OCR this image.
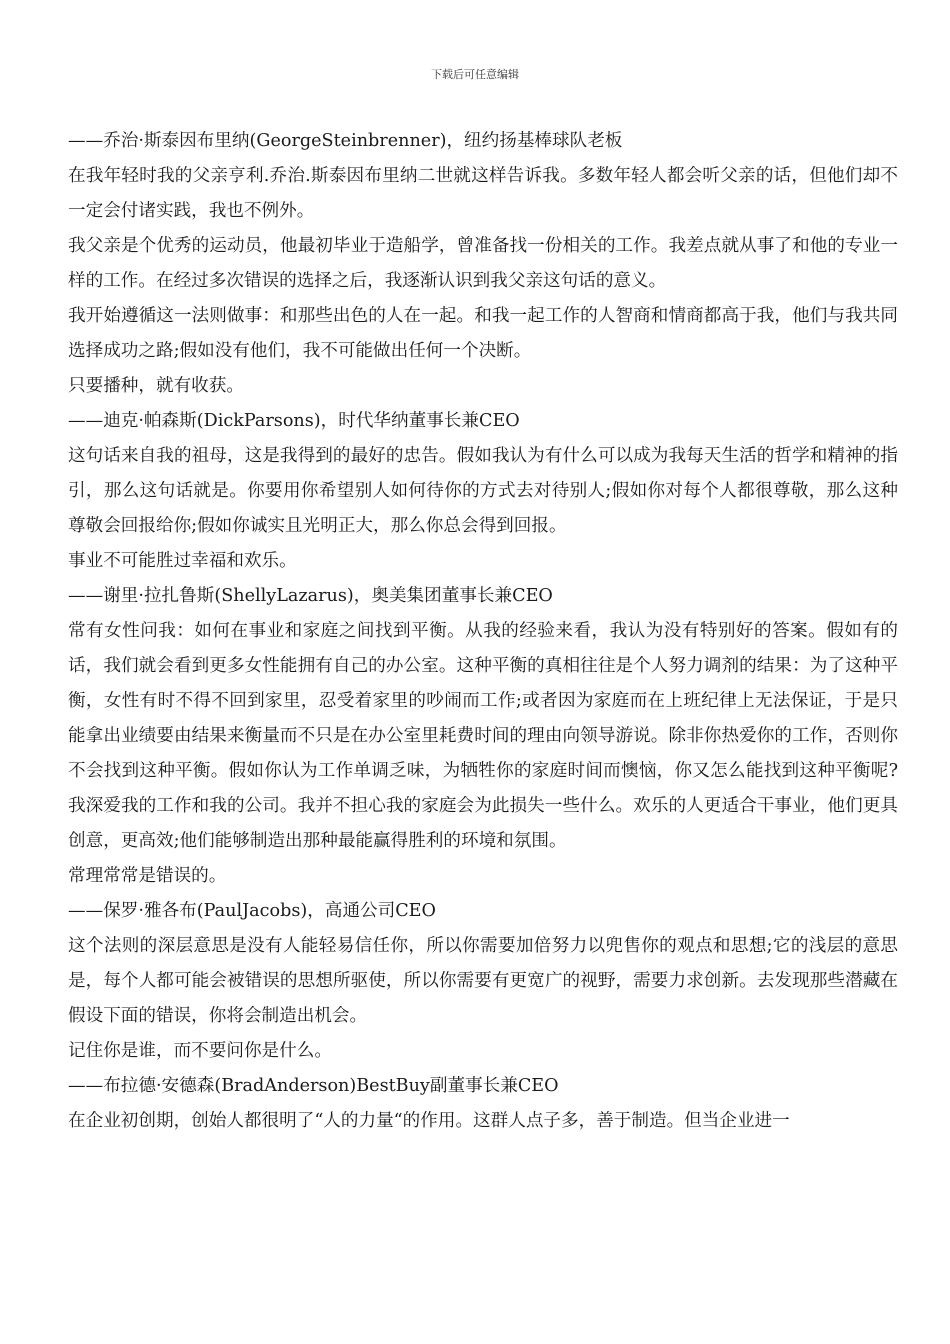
下载后可任意编辑

——乔治·斯泰因布里纳(GeorgeSteinbrenner)，纽约扬基棒球队老板

在我年轻时我的父亲亨利.乔治.斯泰因布里纳二世就这样告诉我。多数年轻人都会听父亲的话，但他们却不一定会付诸实践，我也不例外。

我父亲是个优秀的运动员，他最初毕业于造船学，曾准备找一份相关的工作。我差点就从事了和他的专业一样的工作。在经过多次错误的选择之后，我逐渐认识到我父亲这句话的意义。

我开始遵循这一法则做事：和那些出色的人在一起。和我一起工作的人智商和情商都高于我，他们与我共同选择成功之路;假如没有他们，我不可能做出任何一个决断。

只要播种，就有收获。

——迪克·帕森斯(DickParsons)，时代华纳董事长兼CEO

这句话来自我的祖母，这是我得到的最好的忠告。假如我认为有什么可以成为我每天生活的哲学和精神的指引，那么这句话就是。你要用你希望别人如何待你的方式去对待别人;假如你对每个人都很尊敬，那么这种尊敬会回报给你;假如你诚实且光明正大，那么你总会得到回报。

事业不可能胜过幸福和欢乐。

——谢里·拉扎鲁斯(ShellyLazarus)，奥美集团董事长兼CEO

常有女性问我：如何在事业和家庭之间找到平衡。从我的经验来看，我认为没有特别好的答案。假如有的话，我们就会看到更多女性能拥有自己的办公室。这种平衡的真相往往是个人努力调剂的结果：为了这种平衡，女性有时不得不回到家里，忍受着家里的吵闹而工作;或者因为家庭而在上班纪律上无法保证，于是只能拿出业绩要由结果来衡量而不只是在办公室里耗费时间的理由向领导游说。除非你热爱你的工作，否则你不会找到这种平衡。假如你认为工作单调乏味，为牺牲你的家庭时间而懊恼，你又怎么能找到这种平衡呢?我深爱我的工作和我的公司。我并不担心我的家庭会为此损失一些什么。欢乐的人更适合干事业，他们更具创意，更高效;他们能够制造出那种最能赢得胜利的环境和氛围。

常理常常是错误的。

——保罗·雅各布(PaulJacobs)，高通公司CEO

这个法则的深层意思是没有人能轻易信任你，所以你需要加倍努力以兜售你的观点和思想;它的浅层的意思是，每个人都可能会被错误的思想所驱使，所以你需要有更宽广的视野，需要力求创新。去发现那些潜藏在假设下面的错误，你将会制造出机会。

记住你是谁，而不要问你是什么。

——布拉德·安德森(BradAnderson)BestBuy副董事长兼CEO

在企业初创期，创始人都很明了“人的力量“的作用。这群人点子多，善于制造。但当企业进一
